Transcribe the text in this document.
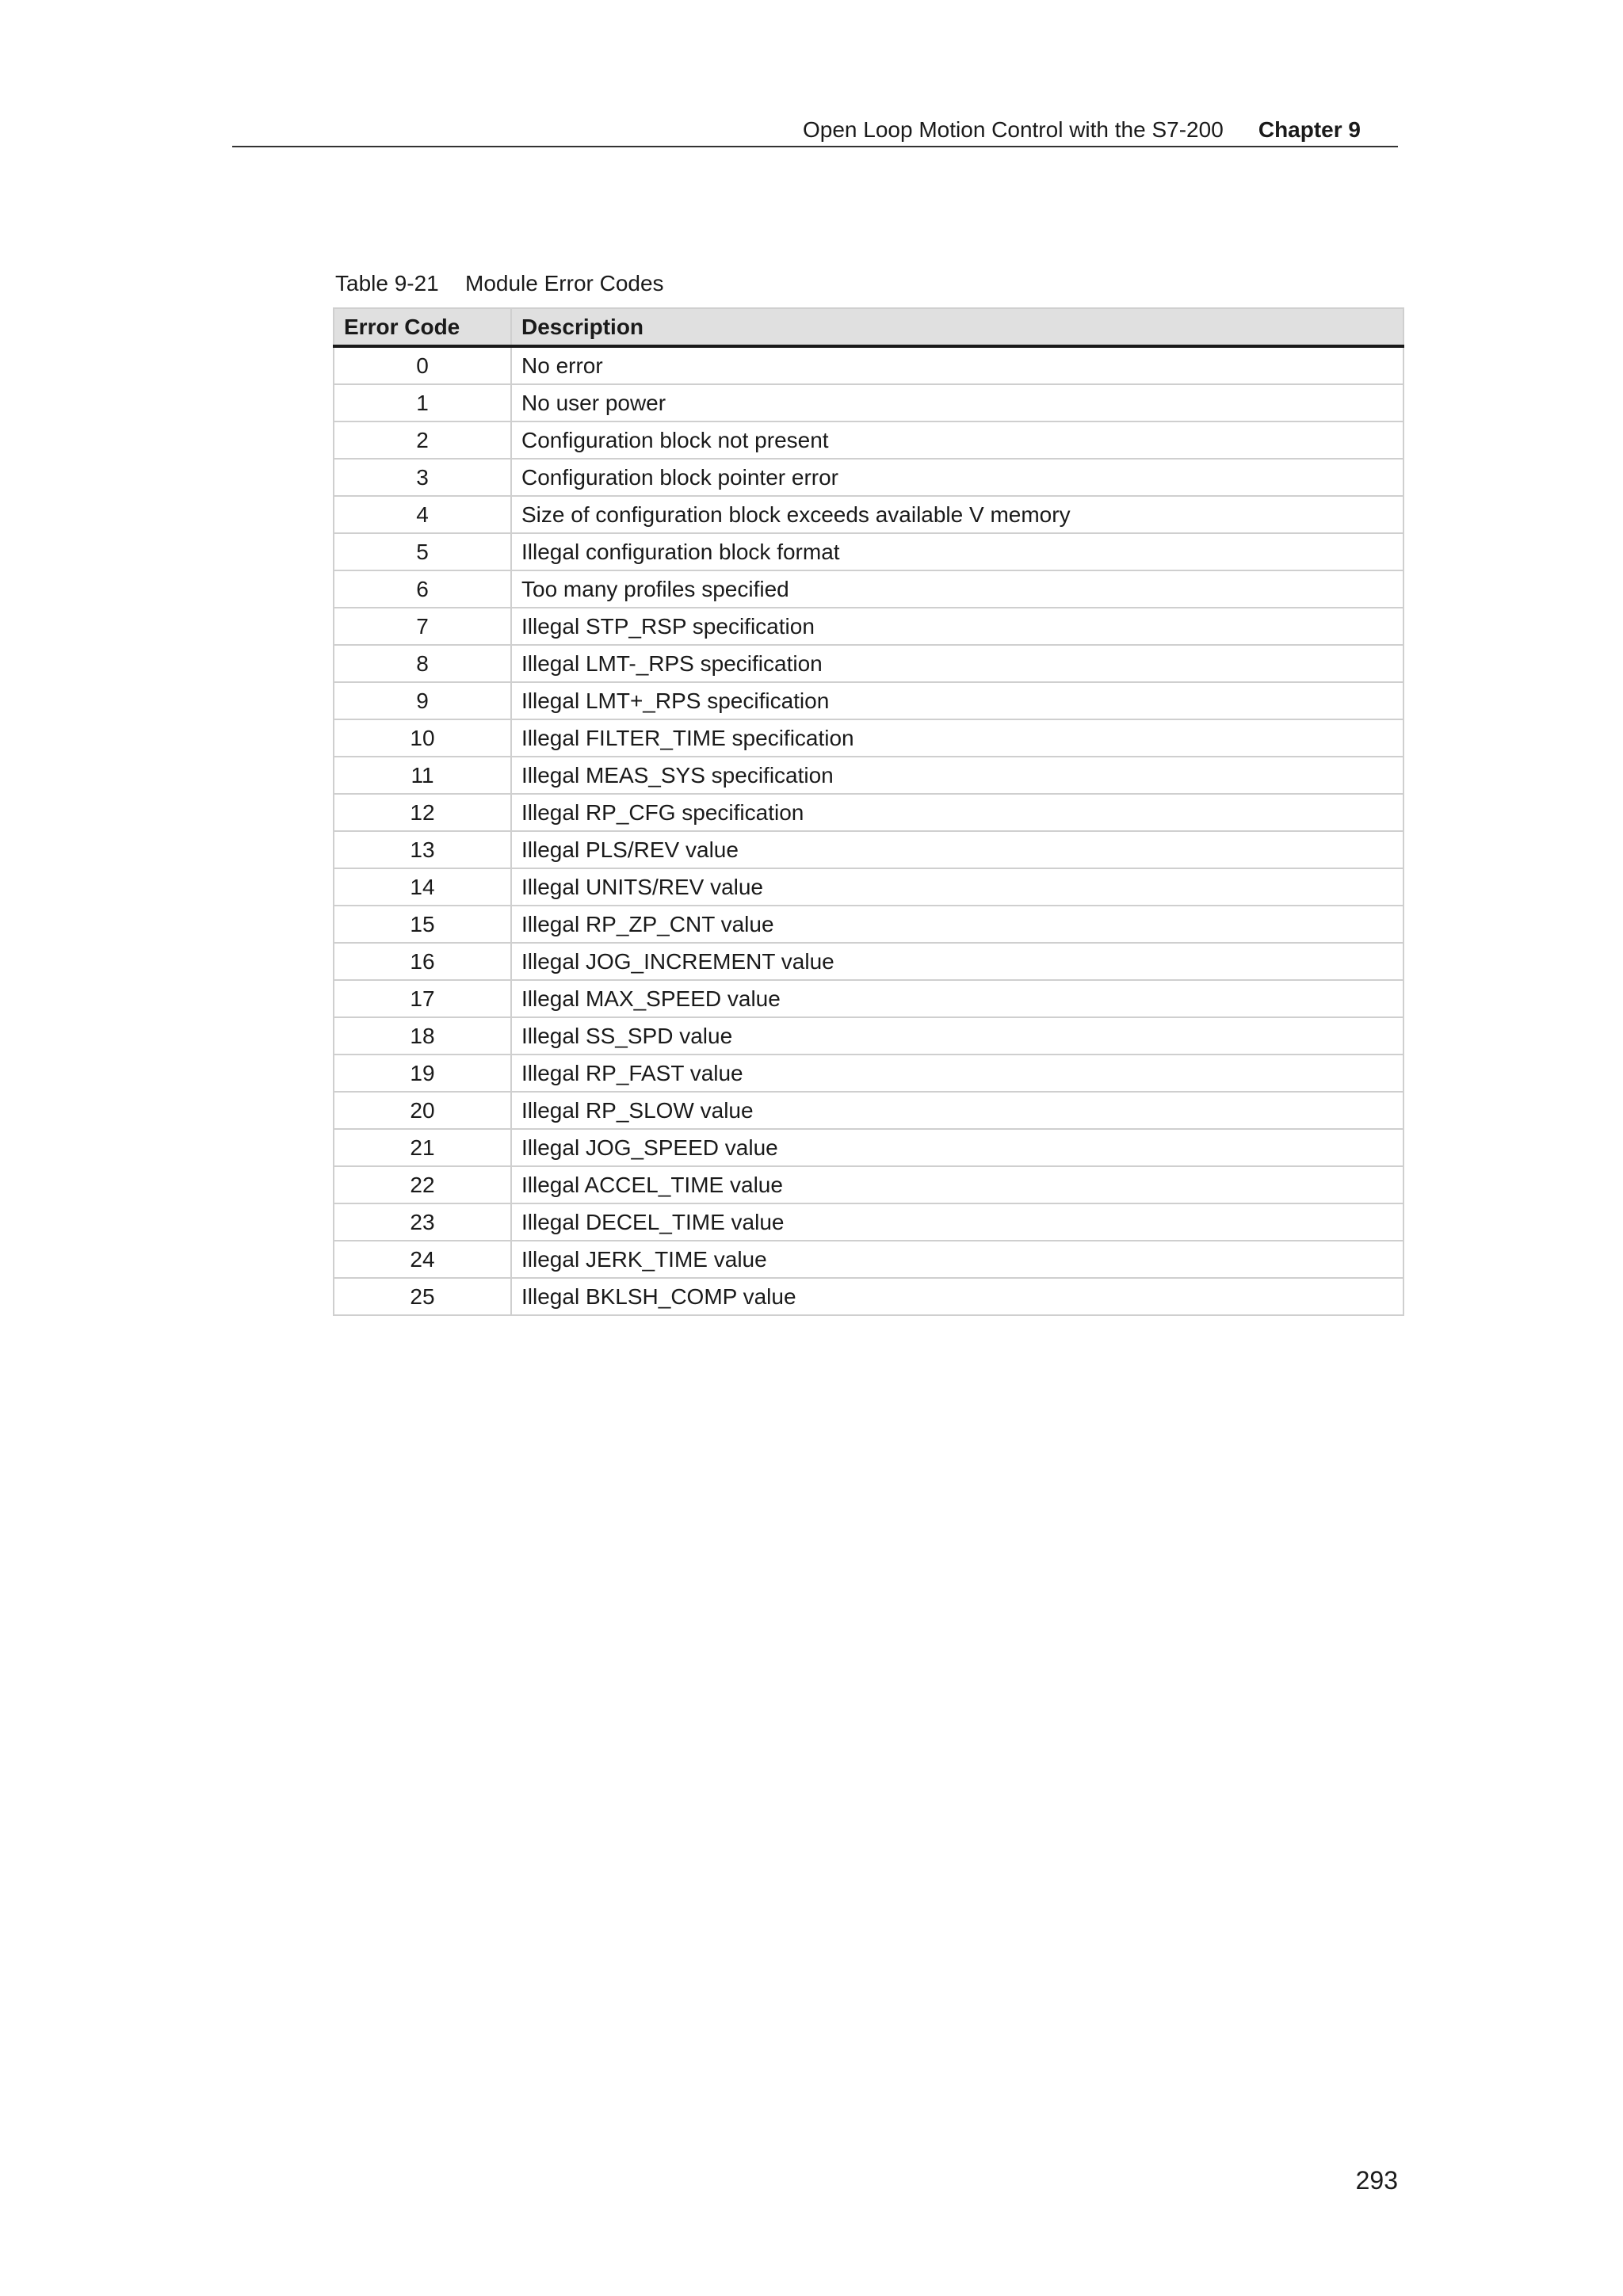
Open Loop Motion Control with the S7-200 Chapter 9
Table 9-21 Module Error Codes
Error Code	Description
0	No error
1	No user power
2	Configuration block not present
3	Configuration block pointer error
4	Size of configuration block exceeds available V memory
5	Illegal configuration block format
6	Too many profiles specified
7	Illegal STP_RSP specification
8	Illegal LMT-_RPS specification
9	Illegal LMT+_RPS specification
10	Illegal FILTER_TIME specification
11	Illegal MEAS_SYS specification
12	Illegal RP_CFG specification
13	Illegal PLS/REV value
14	Illegal UNITS/REV value
15	Illegal RP_ZP_CNT value
16	Illegal JOG_INCREMENT value
17	Illegal MAX_SPEED value
18	Illegal SS_SPD value
19	Illegal RP_FAST value
20	Illegal RP_SLOW value
21	Illegal JOG_SPEED value
22	Illegal ACCEL_TIME value
23	Illegal DECEL_TIME value
24	Illegal JERK_TIME value
25	Illegal BKLSH_COMP value
293
